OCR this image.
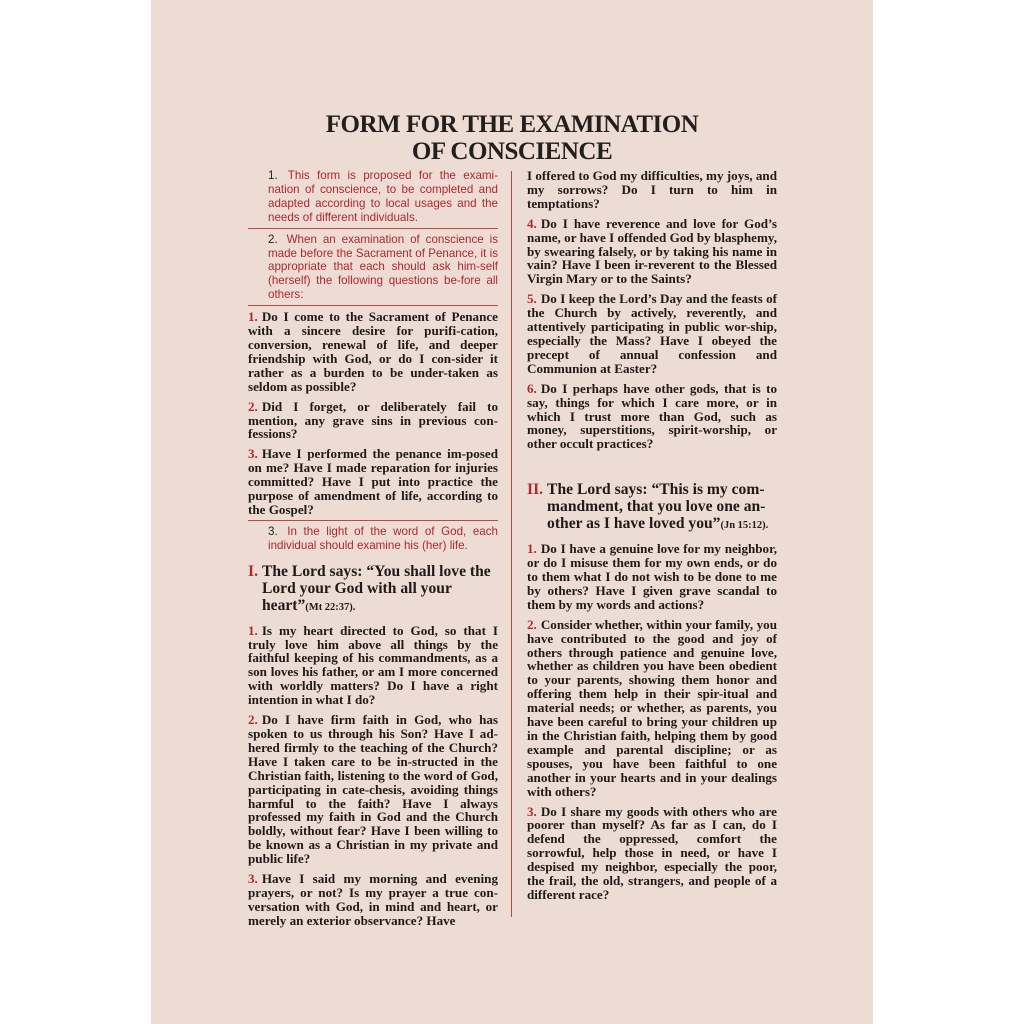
FORM FOR THE EXAMINATION
OF CONSCIENCE
1. This form is proposed for the exami-nation of conscience, to be completed and adapted according to local usages and the needs of different individuals.
2. When an examination of conscience is made before the Sacrament of Penance, it is appropriate that each should ask him-self (herself) the following questions be-fore all others:

1. Do I come to the Sacrament of Penance with a sincere desire for purifi-cation, conversion, renewal of life, and deeper friendship with God, or do I con-sider it rather as a burden to be under-taken as seldom as possible?

2. Did I forget, or deliberately fail to mention, any grave sins in previous con-fessions?

3. Have I performed the penance im-posed on me? Have I made reparation for injuries committed? Have I put into practice the purpose of amendment of life, according to the Gospel?

3. In the light of the word of God, each individual should examine his (her) life.
I. The Lord says: “You shall love the Lord your God with all your heart”(Mt 22:37).

1. Is my heart directed to God, so that I truly love him above all things by the faithful keeping of his commandments, as a son loves his father, or am I more concerned with worldly matters? Do I have a right intention in what I do?

2. Do I have firm faith in God, who has spoken to us through his Son? Have I ad-hered firmly to the teaching of the Church? Have I taken care to be in-structed in the Christian faith, listening to the word of God, participating in cate-chesis, avoiding things harmful to the faith? Have I always professed my faith in God and the Church boldly, without fear? Have I been willing to be known as a Christian in my private and public life?

3. Have I said my morning and evening prayers, or not? Is my prayer a true con-versation with God, in mind and heart, or merely an exterior observance? Have

I offered to God my difficulties, my joys, and my sorrows? Do I turn to him in temptations?

4. Do I have reverence and love for God’s name, or have I offended God by blasphemy, by swearing falsely, or by taking his name in vain? Have I been ir-reverent to the Blessed Virgin Mary or to the Saints?

5. Do I keep the Lord’s Day and the feasts of the Church by actively, reverently, and attentively participating in public wor-ship, especially the Mass? Have I obeyed the precept of annual confession and Communion at Easter?

6. Do I perhaps have other gods, that is to say, things for which I care more, or in which I trust more than God, such as money, superstitions, spirit-worship, or other occult practices?

II. The Lord says: “This is my com-mandment, that you love one an-other as I have loved you”(Jn 15:12).

1. Do I have a genuine love for my neighbor, or do I misuse them for my own ends, or do to them what I do not wish to be done to me by others? Have I given grave scandal to them by my words and actions?

2. Consider whether, within your family, you have contributed to the good and joy of others through patience and genuine love, whether as children you have been obedient to your parents, showing them honor and offering them help in their spir-itual and material needs; or whether, as parents, you have been careful to bring your children up in the Christian faith, helping them by good example and parental discipline; or as spouses, you have been faithful to one another in your hearts and in your dealings with others?

3. Do I share my goods with others who are poorer than myself? As far as I can, do I defend the oppressed, comfort the sorrowful, help those in need, or have I despised my neighbor, especially the poor, the frail, the old, strangers, and people of a different race?
